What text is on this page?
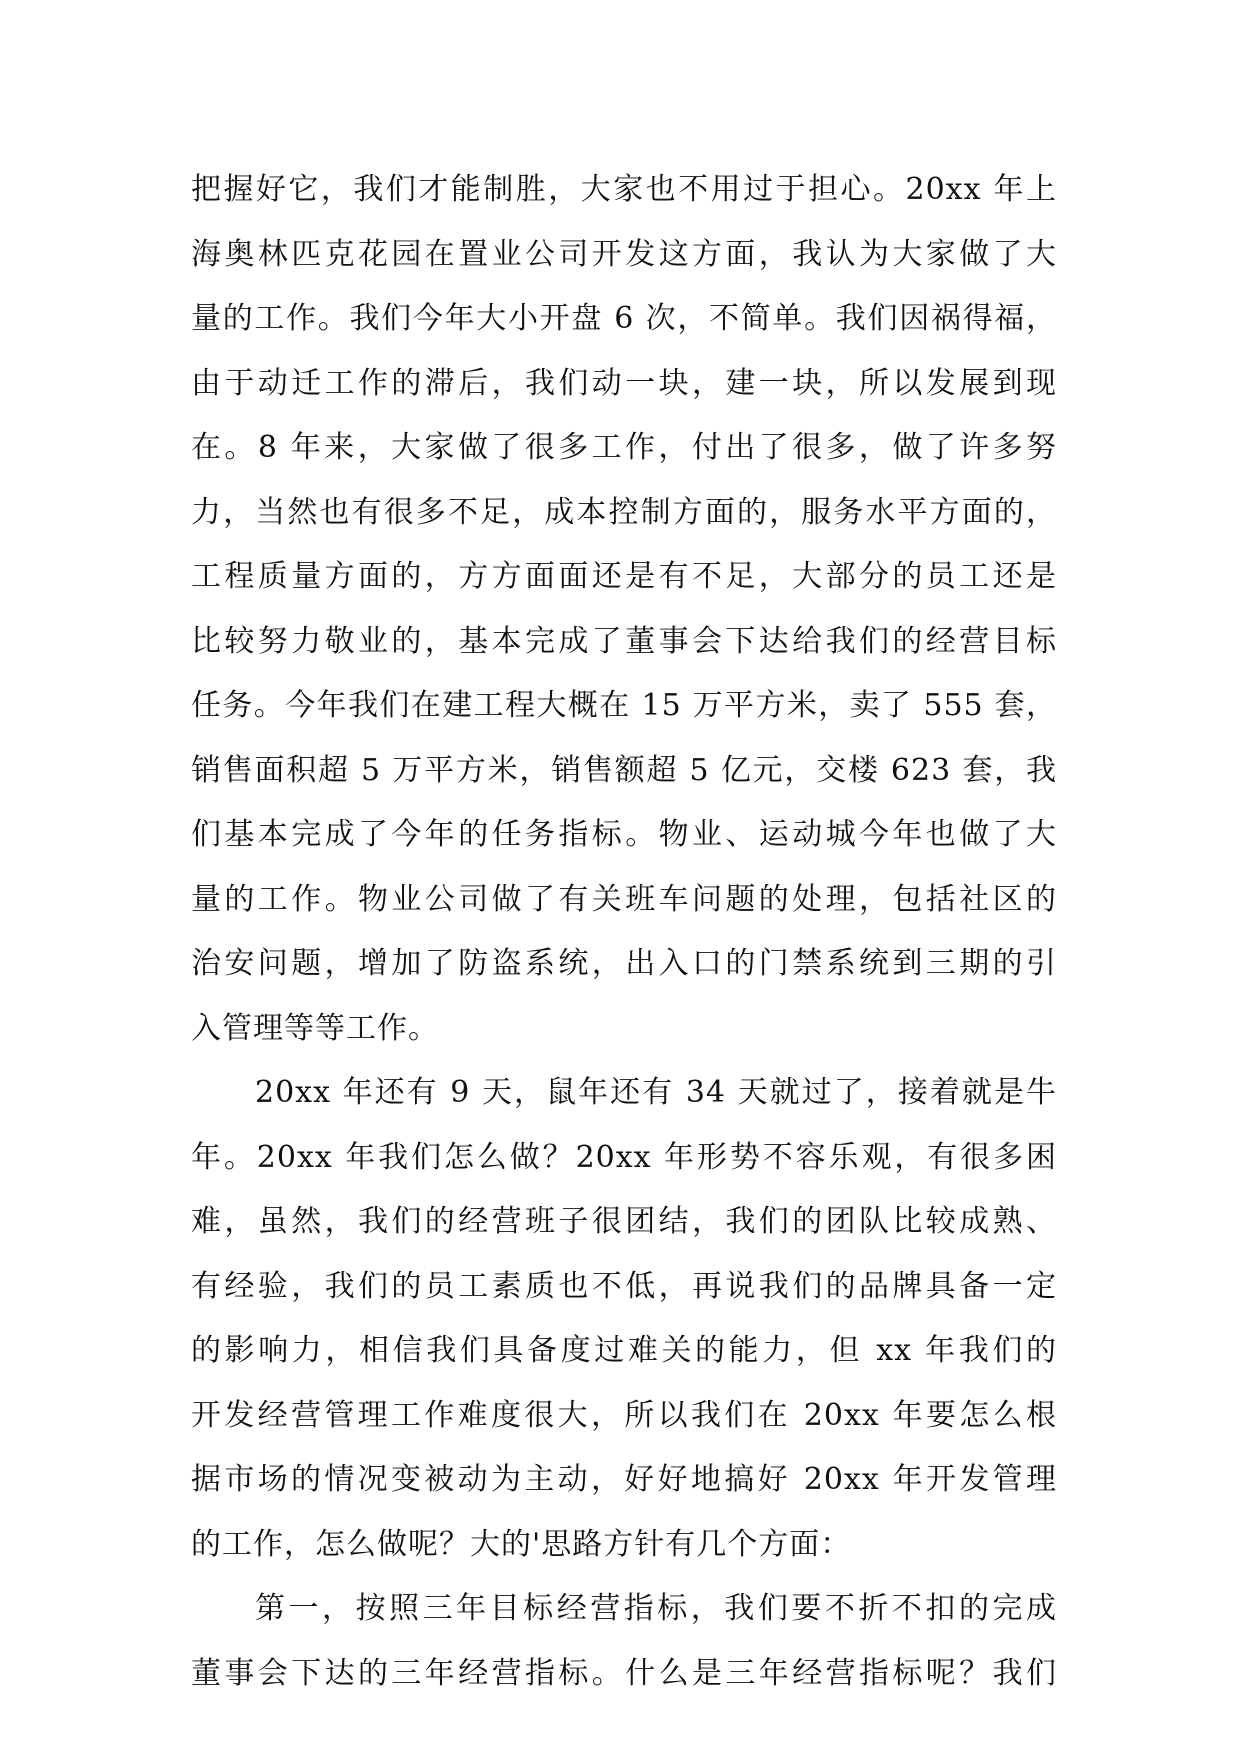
把握好它，我们才能制胜，大家也不用过于担心。20xx 年上
海奥林匹克花园在置业公司开发这方面，我认为大家做了大
量的工作。我们今年大小开盘 6 次，不简单。我们因祸得福，
由于动迁工作的滞后，我们动一块，建一块，所以发展到现
在。8 年来，大家做了很多工作，付出了很多，做了许多努
力，当然也有很多不足，成本控制方面的，服务水平方面的，
工程质量方面的，方方面面还是有不足，大部分的员工还是
比较努力敬业的，基本完成了董事会下达给我们的经营目标
任务。今年我们在建工程大概在 15 万平方米，卖了 555 套，
销售面积超 5 万平方米，销售额超 5 亿元，交楼 623 套，我
们基本完成了今年的任务指标。物业、运动城今年也做了大
量的工作。物业公司做了有关班车问题的处理，包括社区的
治安问题，增加了防盗系统，出入口的门禁系统到三期的引
入管理等等工作。
20xx 年还有 9 天，鼠年还有 34 天就过了，接着就是牛
年。20xx 年我们怎么做？20xx 年形势不容乐观，有很多困
难，虽然，我们的经营班子很团结，我们的团队比较成熟、
有经验，我们的员工素质也不低，再说我们的品牌具备一定
的影响力，相信我们具备度过难关的能力，但 xx 年我们的
开发经营管理工作难度很大，所以我们在 20xx 年要怎么根
据市场的情况变被动为主动，好好地搞好 20xx 年开发管理
的工作，怎么做呢？大的'思路方针有几个方面：
第一，按照三年目标经营指标，我们要不折不扣的完成
董事会下达的三年经营指标。什么是三年经营指标呢？我们
